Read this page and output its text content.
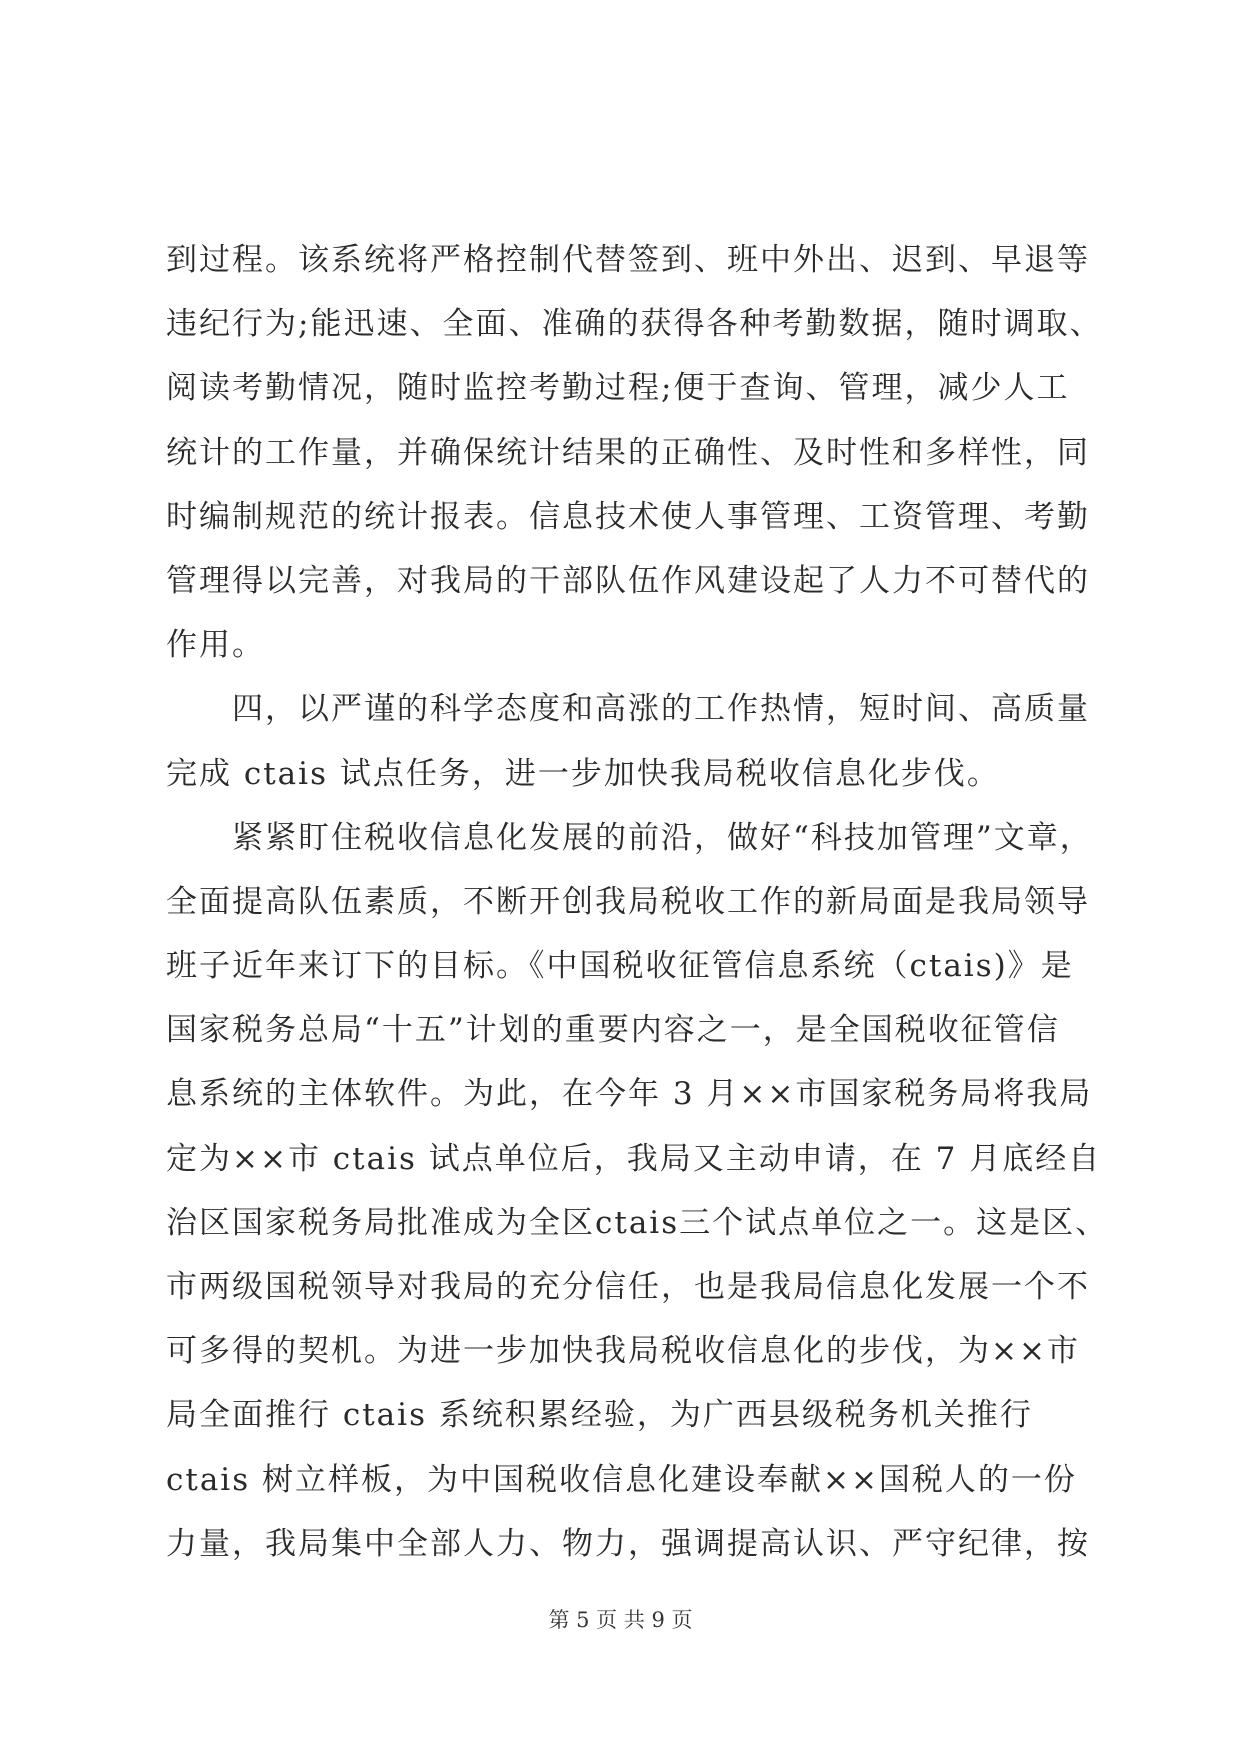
到过程。该系统将严格控制代替签到、班中外出、迟到、早退等
违纪行为;能迅速、全面、准确的获得各种考勤数据，随时调取、
阅读考勤情况，随时监控考勤过程;便于查询、管理，减少人工
统计的工作量，并确保统计结果的正确性、及时性和多样性，同
时编制规范的统计报表。信息技术使人事管理、工资管理、考勤
管理得以完善，对我局的干部队伍作风建设起了人力不可替代的
作用。
四，以严谨的科学态度和高涨的工作热情，短时间、高质量
完成 ctais 试点任务，进一步加快我局税收信息化步伐。
紧紧盯住税收信息化发展的前沿，做好“科技加管理”文章，
全面提高队伍素质，不断开创我局税收工作的新局面是我局领导
班子近年来订下的目标。《中国税收征管信息系统（ctais)》是
国家税务总局“十五”计划的重要内容之一，是全国税收征管信
息系统的主体软件。为此，在今年 3 月××市国家税务局将我局
定为××市 ctais 试点单位后，我局又主动申请，在 7 月底经自
治区国家税务局批准成为全区ctais三个试点单位之一。这是区、
市两级国税领导对我局的充分信任，也是我局信息化发展一个不
可多得的契机。为进一步加快我局税收信息化的步伐，为××市
局全面推行 ctais 系统积累经验，为广西县级税务机关推行
ctais 树立样板，为中国税收信息化建设奉献××国税人的一份
力量，我局集中全部人力、物力，强调提高认识、严守纪律，按
第 5 页 共 9 页
